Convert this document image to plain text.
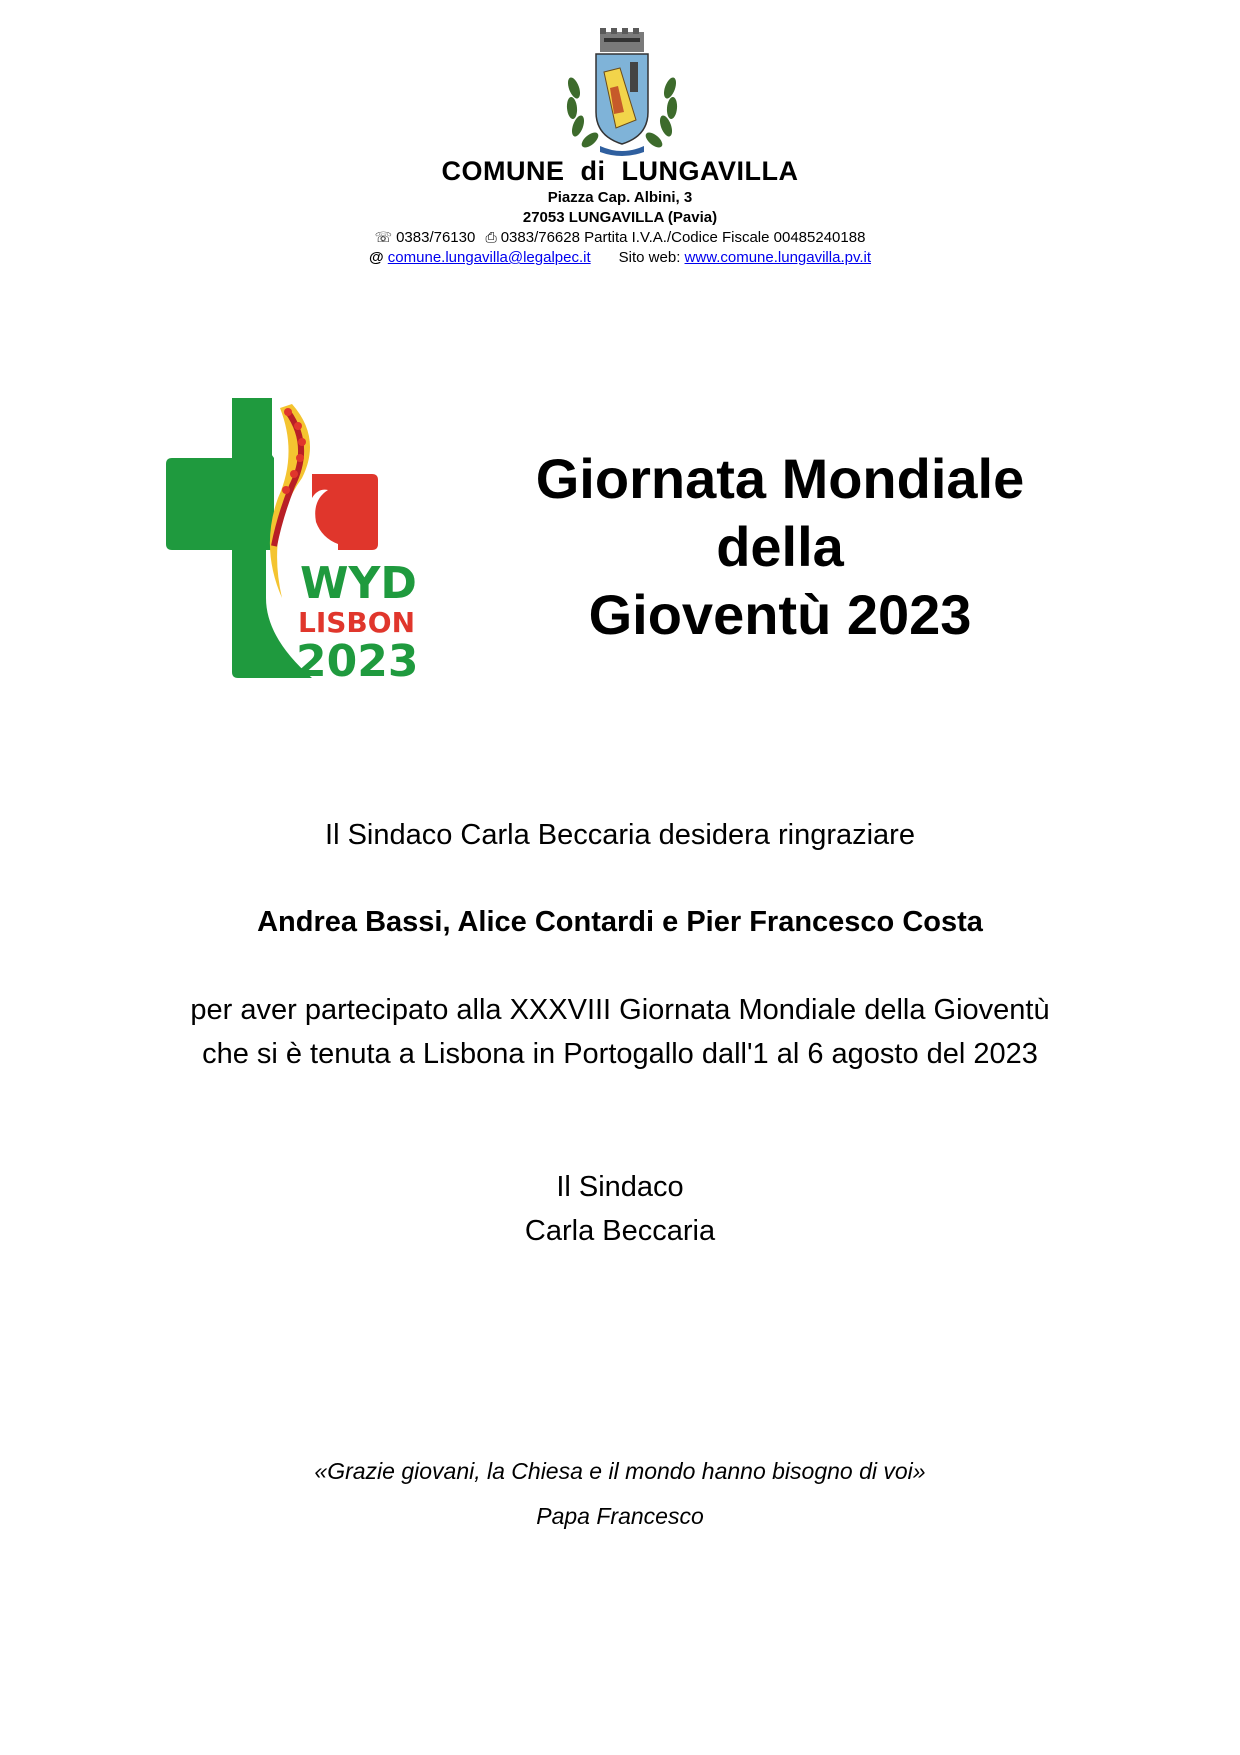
COMUNE  di  LUNGAVILLA
Piazza Cap. Albini, 3
27053 LUNGAVILLA (Pavia)
☏ 0383/76130 ⎙ 0383/76628 Partita I.V.A./Codice Fiscale 00485240188
@ comune.lungavilla@legalpec.it Sito web: www.comune.lungavilla.pv.it
WYD
LISBON
2023
Giornata Mondiale
della
Gioventù 2023
Il Sindaco Carla Beccaria desidera ringraziare
Andrea Bassi, Alice Contardi e Pier Francesco Costa
per aver partecipato alla XXXVIII Giornata Mondiale della Gioventù
che si è tenuta a Lisbona in Portogallo dall'1 al 6 agosto del 2023
Il Sindaco
Carla Beccaria
«Grazie giovani, la Chiesa e il mondo hanno bisogno di voi»
Papa Francesco
